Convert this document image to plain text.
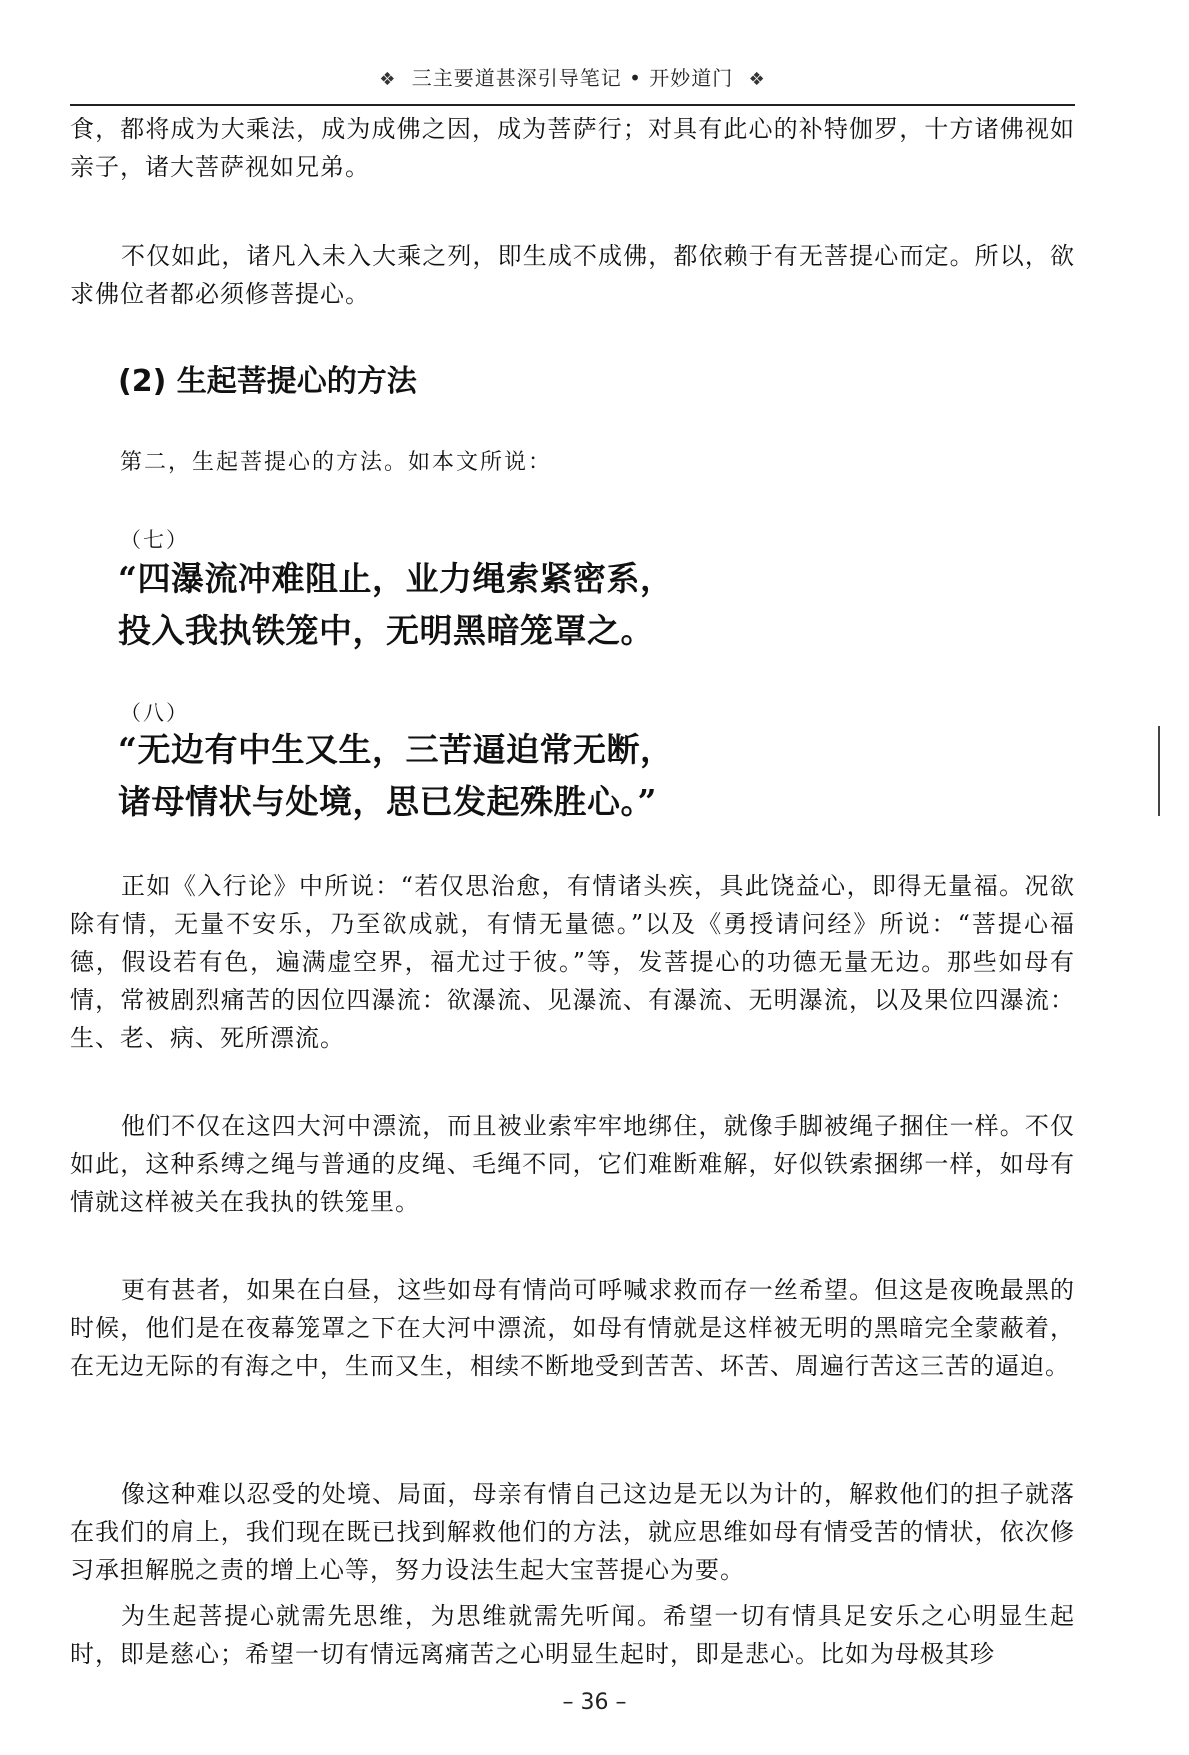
❖ 三主要道甚深引导笔记 • 开妙道门 ❖

食，都将成为大乘法，成为成佛之因，成为菩萨行；对具有此心的补特伽罗，十方诸佛视如亲子，诸大菩萨视如兄弟。

不仅如此，诸凡入未入大乘之列，即生成不成佛，都依赖于有无菩提心而定。所以，欲求佛位者都必须修菩提心。

(2) 生起菩提心的方法

第二，生起菩提心的方法。如本文所说：

（七）

“四瀑流冲难阻止，业力绳索紧密系，
投入我执铁笼中，无明黑暗笼罩之。

（八）

“无边有中生又生，三苦逼迫常无断，
诸母情状与处境，思已发起殊胜心。”

正如《入行论》中所说：“若仅思治愈，有情诸头疾，具此饶益心，即得无量福。况欲除有情，无量不安乐，乃至欲成就，有情无量德。”以及《勇授请问经》所说：“菩提心福德，假设若有色，遍满虚空界，福尤过于彼。”等，发菩提心的功德无量无边。那些如母有情，常被剧烈痛苦的因位四瀑流：欲瀑流、见瀑流、有瀑流、无明瀑流，以及果位四瀑流：生、老、病、死所漂流。

他们不仅在这四大河中漂流，而且被业索牢牢地绑住，就像手脚被绳子捆住一样。不仅如此，这种系缚之绳与普通的皮绳、毛绳不同，它们难断难解，好似铁索捆绑一样，如母有情就这样被关在我执的铁笼里。

更有甚者，如果在白昼，这些如母有情尚可呼喊求救而存一丝希望。但这是夜晚最黑的时候，他们是在夜幕笼罩之下在大河中漂流，如母有情就是这样被无明的黑暗完全蒙蔽着，在无边无际的有海之中，生而又生，相续不断地受到苦苦、坏苦、周遍行苦这三苦的逼迫。

像这种难以忍受的处境、局面，母亲有情自己这边是无以为计的，解救他们的担子就落在我们的肩上，我们现在既已找到解救他们的方法，就应思维如母有情受苦的情状，依次修习承担解脱之责的增上心等，努力设法生起大宝菩提心为要。

为生起菩提心就需先思维，为思维就需先听闻。希望一切有情具足安乐之心明显生起时，即是慈心；希望一切有情远离痛苦之心明显生起时，即是悲心。比如为母极其珍

– 36 –
